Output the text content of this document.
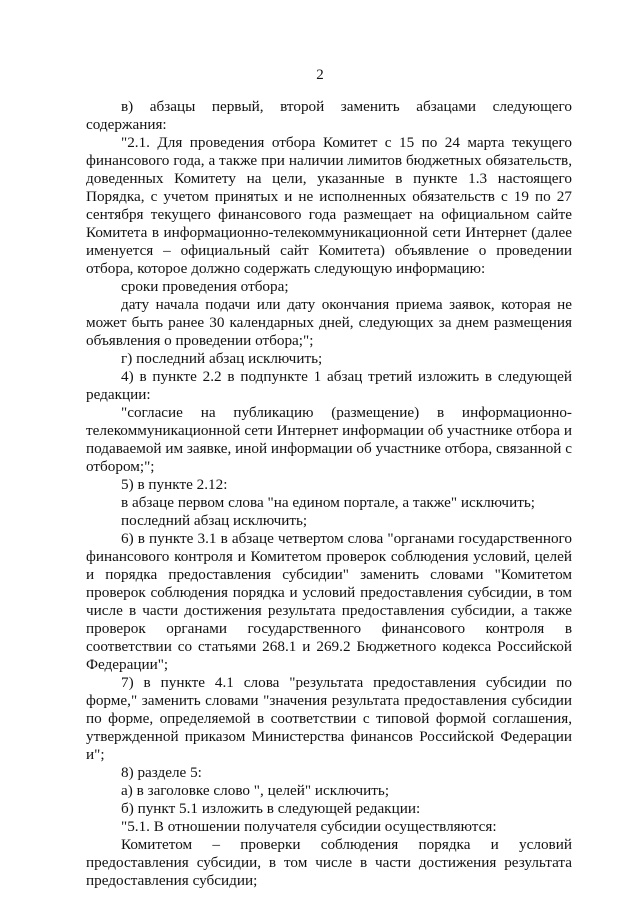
2

в) абзацы первый, второй заменить абзацами следующего содержания:

"2.1. Для проведения отбора Комитет с 15 по 24 марта текущего финансового года, а также при наличии лимитов бюджетных обязательств, доведенных Комитету на цели, указанные в пункте 1.3 настоящего Порядка, с учетом принятых и не исполненных обязательств с 19 по 27 сентября текущего финансового года размещает на официальном сайте Комитета в информационно-телекоммуникационной сети Интернет (далее именуется – официальный сайт Комитета) объявление о проведении отбора, которое должно содержать следующую информацию:

сроки проведения отбора;

дату начала подачи или дату окончания приема заявок, которая не может быть ранее 30 календарных дней, следующих за днем размещения объявления о проведении отбора;";

г) последний абзац исключить;

4) в пункте 2.2 в подпункте 1 абзац третий изложить в следующей редакции:

"согласие на публикацию (размещение) в информационно-телекоммуникационной сети Интернет информации об участнике отбора и подаваемой им заявке, иной информации об участнике отбора, связанной с отбором;";

5) в пункте 2.12:

в абзаце первом слова "на едином портале, а также" исключить;

последний абзац исключить;

6) в пункте 3.1 в абзаце четвертом слова "органами государственного финансового контроля и Комитетом проверок соблюдения условий, целей и порядка предоставления субсидии" заменить словами "Комитетом проверок соблюдения порядка и условий предоставления субсидии, в том числе в части достижения результата предоставления субсидии, а также проверок органами государственного финансового контроля в соответствии со статьями 268.1 и 269.2 Бюджетного кодекса Российской Федерации";

7) в пункте 4.1 слова "результата предоставления субсидии по форме," заменить словами "значения результата предоставления субсидии по форме, определяемой в соответствии с типовой формой соглашения, утвержденной приказом Министерства финансов Российской Федерации и";

8) разделе 5:

а) в заголовке слово ", целей" исключить;

б) пункт 5.1 изложить в следующей редакции:

"5.1. В отношении получателя субсидии осуществляются:

Комитетом – проверки соблюдения порядка и условий предоставления субсидии, в том числе в части достижения результата предоставления субсидии;
